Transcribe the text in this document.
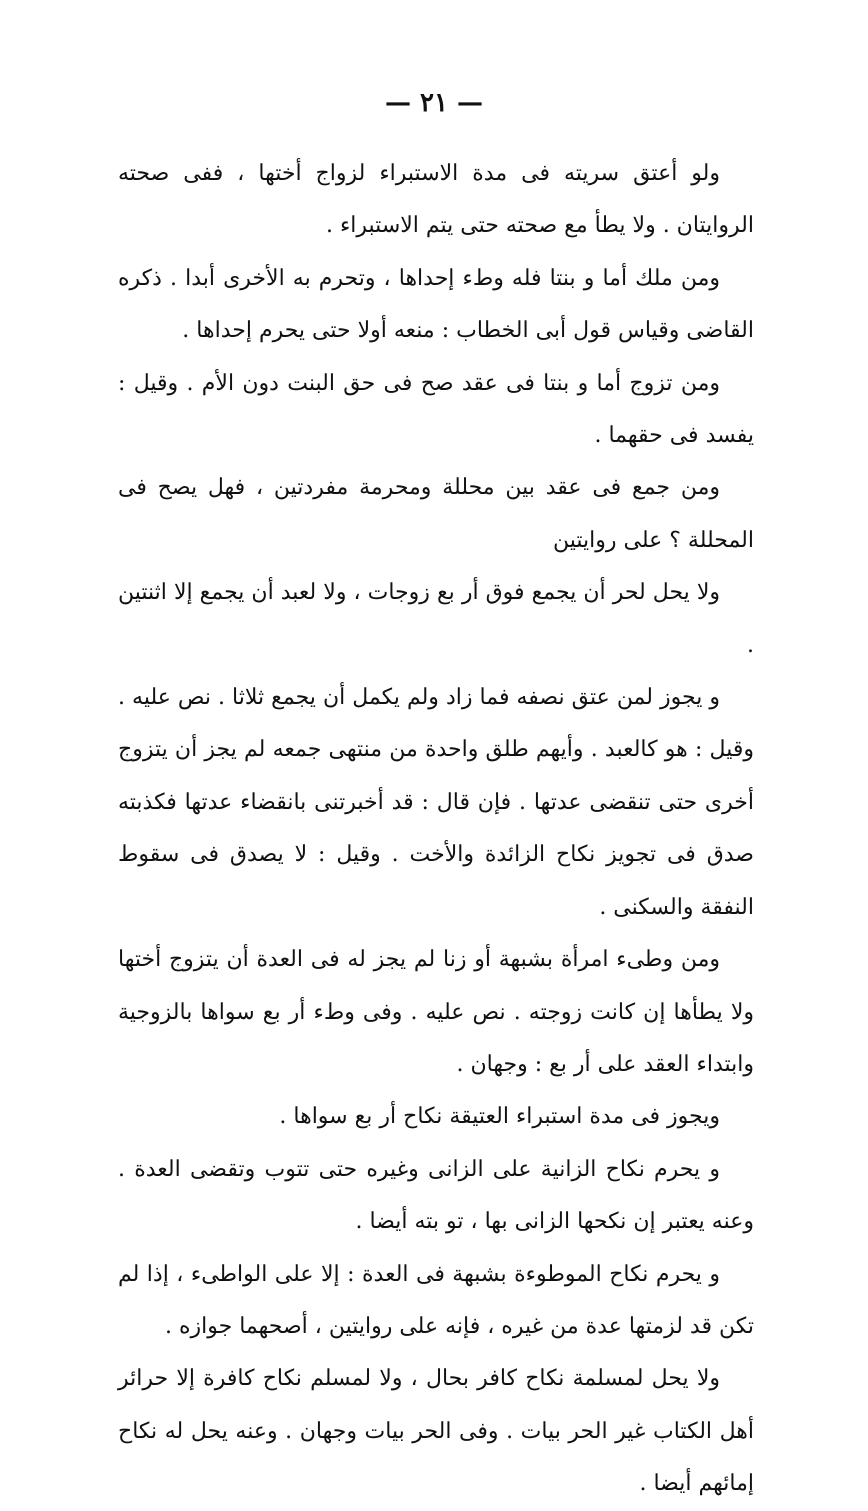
— ٢١ —

ولو أعتق سريته فى مدة الاستبراء لزواج أختها ، ففى صحته الروايتان . ولا يطأ مع صحته حتى يتم الاستبراء .

ومن ملك أما و بنتا فله وطء إحداها ، وتحرم به الأخرى أبدا . ذكره القاضى وقياس قول أبى الخطاب : منعه أولا حتى يحرم إحداها .

ومن تزوج أما و بنتا فى عقد صح فى حق البنت دون الأم . وقيل : يفسد فى حقهما .

ومن جمع فى عقد بين محللة ومحرمة مفردتين ، فهل يصح فى المحللة ؟ على روايتين

ولا يحل لحر أن يجمع فوق أر بع زوجات ، ولا لعبد أن يجمع إلا اثنتين .

و يجوز لمن عتق نصفه فما زاد ولم يكمل أن يجمع ثلاثا . نص عليه . وقيل : هو كالعبد . وأيهم طلق واحدة من منتهى جمعه لم يجز أن يتزوج أخرى حتى تنقضى عدتها . فإن قال : قد أخبرتنى بانقضاء عدتها فكذبته صدق فى تجويز نكاح الزائدة والأخت . وقيل : لا يصدق فى سقوط النفقة والسكنى .

ومن وطىء امرأة بشبهة أو زنا لم يجز له فى العدة أن يتزوج أختها ولا يطأها إن كانت زوجته . نص عليه . وفى وطء أر بع سواها بالزوجية وابتداء العقد على أر بع : وجهان .

ويجوز فى مدة استبراء العتيقة نكاح أر بع سواها .

و يحرم نكاح الزانية على الزانى وغيره حتى تتوب وتقضى العدة . وعنه يعتبر إن نكحها الزانى بها ، تو بته أيضا .

و يحرم نكاح الموطوءة بشبهة فى العدة : إلا على الواطىء ، إذا لم تكن قد لزمتها عدة من غيره ، فإنه على روايتين ، أصحهما جوازه .

ولا يحل لمسلمة نكاح كافر بحال ، ولا لمسلم نكاح كافرة إلا حرائر أهل الكتاب غير الحر بيات . وفى الحر بيات وجهان . وعنه يحل له نكاح إمائهم أيضا .
